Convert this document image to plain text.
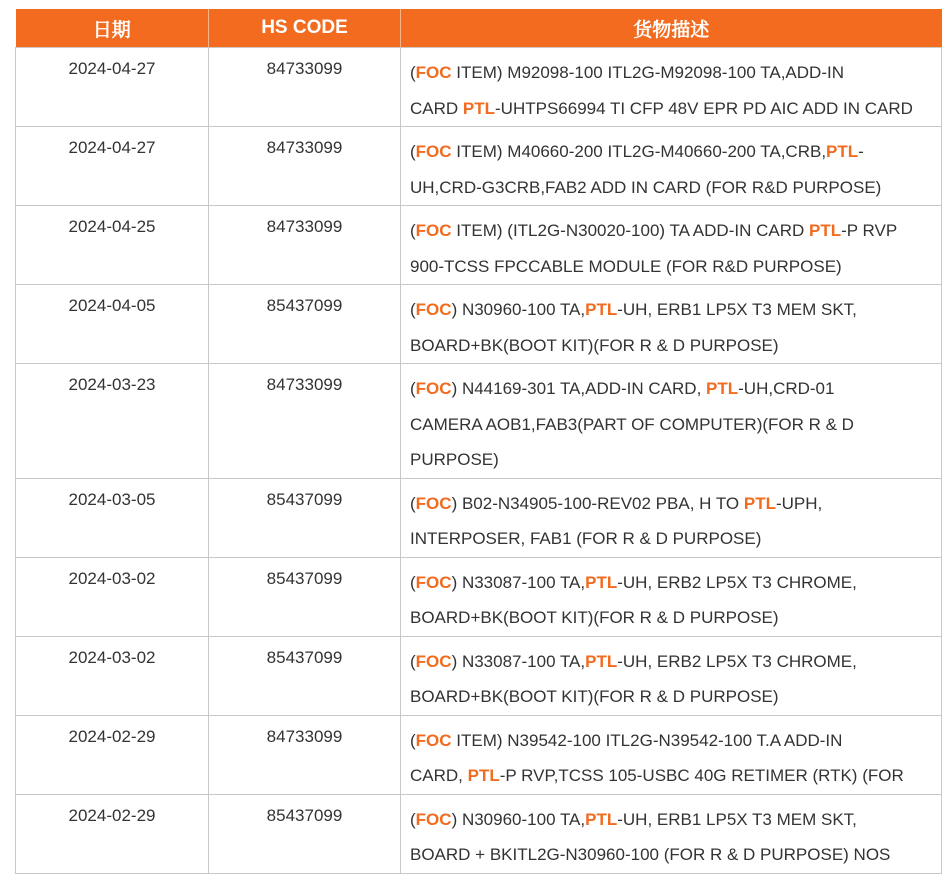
日期	HS CODE	货物描述
2024-04-27	84733099	(FOC ITEM) M92098-100 ITL2G-M92098-100 TA,ADD-IN
CARD PTL-UHTPS66994 TI CFP 48V EPR PD AIC ADD IN CARD

2024-04-27	84733099	(FOC ITEM) M40660-200 ITL2G-M40660-200 TA,CRB,PTL-
UH,CRD-G3CRB,FAB2 ADD IN CARD (FOR R&D PURPOSE)

2024-04-25	84733099	(FOC ITEM) (ITL2G-N30020-100) TA ADD-IN CARD PTL-P RVP
900-TCSS FPCCABLE MODULE (FOR R&D PURPOSE)

2024-04-05	85437099	(FOC) N30960-100 TA,PTL-UH, ERB1 LP5X T3 MEM SKT,
BOARD+BK(BOOT KIT)(FOR R & D PURPOSE)

2024-03-23	84733099	(FOC) N44169-301 TA,ADD-IN CARD, PTL-UH,CRD-01
CAMERA AOB1,FAB3(PART OF COMPUTER)(FOR R & D
PURPOSE)

2024-03-05	85437099	(FOC) B02-N34905-100-REV02 PBA, H TO PTL-UPH,
INTERPOSER, FAB1 (FOR R & D PURPOSE)

2024-03-02	85437099	(FOC) N33087-100 TA,PTL-UH, ERB2 LP5X T3 CHROME,
BOARD+BK(BOOT KIT)(FOR R & D PURPOSE)

2024-03-02	85437099	(FOC) N33087-100 TA,PTL-UH, ERB2 LP5X T3 CHROME,
BOARD+BK(BOOT KIT)(FOR R & D PURPOSE)

2024-02-29	84733099	(FOC ITEM) N39542-100 ITL2G-N39542-100 T.A ADD-IN
CARD, PTL-P RVP,TCSS 105-USBC 40G RETIMER (RTK) (FOR

2024-02-29	85437099	(FOC) N30960-100 TA,PTL-UH, ERB1 LP5X T3 MEM SKT,
BOARD + BKITL2G-N30960-100 (FOR R & D PURPOSE) NOS
